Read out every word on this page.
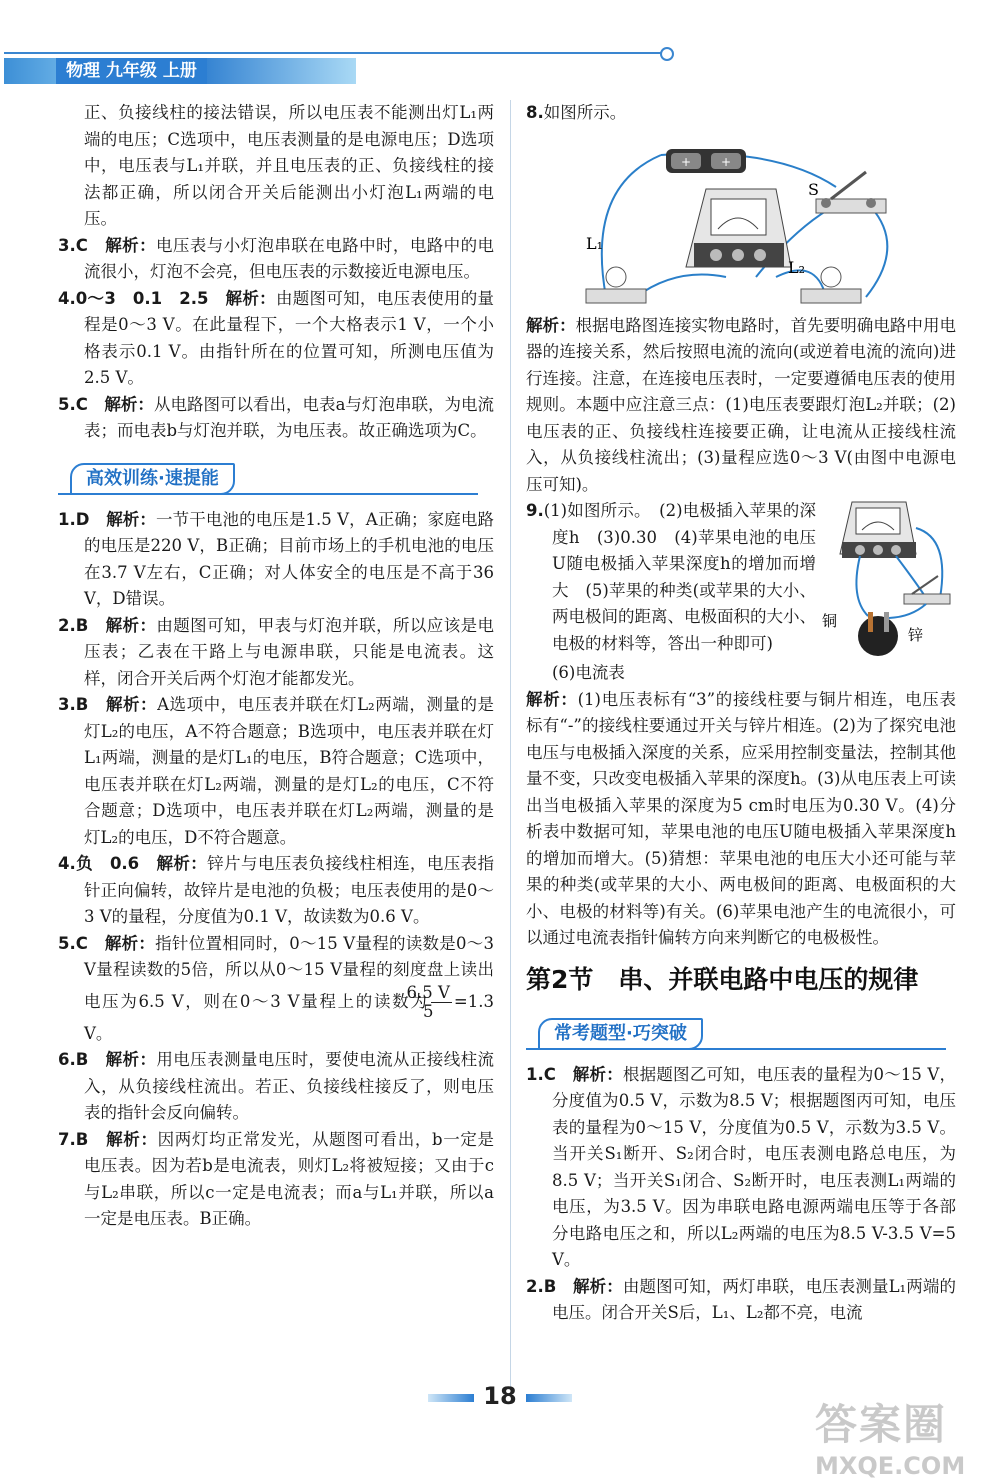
物理 九年级 上册

正、负接线柱的接法错误，所以电压表不能测出灯L₁两端的电压；C选项中，电压表测量的是电源电压；D选项中，电压表与L₁并联，并且电压表的正、负接线柱的接法都正确，所以闭合开关后能测出小灯泡L₁两端的电压。

3.C　 解析：电压表与小灯泡串联在电路中时，电路中的电流很小，灯泡不会亮，但电压表的示数接近电源电压。

4.0～3　0.1　2.5　 解析：由题图可知，电压表使用的量程是0～3 V。在此量程下，一个大格表示1 V，一个小格表示0.1 V。由指针所在的位置可知，所测电压值为2.5 V。

5.C　 解析：从电路图可以看出，电表a与灯泡串联，为电流表；而电表b与灯泡并联，为电压表。故正确选项为C。

高效训练·速提能

1.D　 解析：一节干电池的电压是1.5 V，A正确；家庭电路的电压是220 V，B正确；目前市场上的手机电池的电压在3.7 V左右，C正确；对人体安全的电压是不高于36 V，D错误。

2.B　 解析：由题图可知，甲表与灯泡并联，所以应该是电压表；乙表在干路上与电源串联，只能是电流表。这样，闭合开关后两个灯泡才能都发光。

3.B　 解析：A选项中，电压表并联在灯L₂两端，测量的是灯L₂的电压，A不符合题意；B选项中，电压表并联在灯L₁两端，测量的是灯L₁的电压，B符合题意；C选项中，电压表并联在灯L₂两端，测量的是灯L₂的电压，C不符合题意；D选项中，电压表并联在灯L₂两端，测量的是灯L₂的电压，D不符合题意。

4.负　0.6　 解析：锌片与电压表负接线柱相连，电压表指针正向偏转，故锌片是电池的负极；电压表使用的是0～3 V的量程，分度值为0.1 V，故读数为0.6 V。

5.C　 解析：指针位置相同时，0～15 V量程的读数是0～3 V量程读数的5倍，所以从0～15 V量程的刻度盘上读出电压为6.5 V，则在0～3 V量程上的读数为 $\frac{6.5 V}{5} =1.3$ V。

6.B　 解析：用电压表测量电压时，要使电流从正接线柱流入，从负接线柱流出。若正、负接线柱接反了，则电压表的指针会反向偏转。

7.B　 解析：因两灯均正常发光，从题图可看出，b一定是电压表。因为若b是电流表，则灯L₂将被短接；又由于c与L₂串联，所以c一定是电流表；而a与L₁并联，所以a一定是电压表。B正确。

8.如图所示。

+ +
S
L₁
L₂

解析：根据电路图连接实物电路时，首先要明确电路中用电器的连接关系，然后按照电流的流向(或逆着电流的流向)进行连接。注意，在连接电压表时，一定要遵循电压表的使用规则。本题中应注意三点：(1)电压表要跟灯泡L₂并联；(2)电压表的正、负接线柱连接要正确，让电流从正接线柱流入，从负接线柱流出；(3)量程应选0～3 V(由图中电源电压可知)。

铜
锌

9.(1)如图所示。　(2)电极插入苹果的深度h　(3)0.30　(4)苹果电池的电压U随电极插入苹果深度h的增加而增大　(5)苹果的种类(或苹果的大小、两电极间的距离、电极面积的大小、电极的材料等，答出一种即可)

(6)电流表

解析：(1)电压表标有“3”的接线柱要与铜片相连，电压表标有“-”的接线柱要通过开关与锌片相连。(2)为了探究电池电压与电极插入深度的关系，应采用控制变量法，控制其他量不变，只改变电极插入苹果的深度h。(3)从电压表上可读出当电极插入苹果的深度为5 cm时电压为0.30 V。(4)分析表中数据可知，苹果电池的电压U随电极插入苹果深度h的增加而增大。(5)猜想：苹果电池的电压大小还可能与苹果的种类(或苹果的大小、两电极间的距离、电极面积的大小、电极的材料等)有关。(6)苹果电池产生的电流很小，可以通过电流表指针偏转方向来判断它的电极极性。

第2节　串、并联电路中电压的规律
常考题型·巧突破

1.C　 解析：根据题图乙可知，电压表的量程为0～15 V，分度值为0.5 V，示数为8.5 V；根据题图丙可知，电压表的量程为0～15 V，分度值为0.5 V，示数为3.5 V。当开关S₁断开、S₂闭合时，电压表测电路总电压，为8.5 V；当开关S₁闭合、S₂断开时，电压表测L₁两端的电压，为3.5 V。因为串联电路电源两端电压等于各部分电路电压之和，所以L₂两端的电压为8.5 V-3.5 V=5 V。

2.B　 解析：由题图可知，两灯串联，电压表测量L₁两端的电压。闭合开关S后，L₁、L₂都不亮，电流

18
答案圈
MXQE.COM
